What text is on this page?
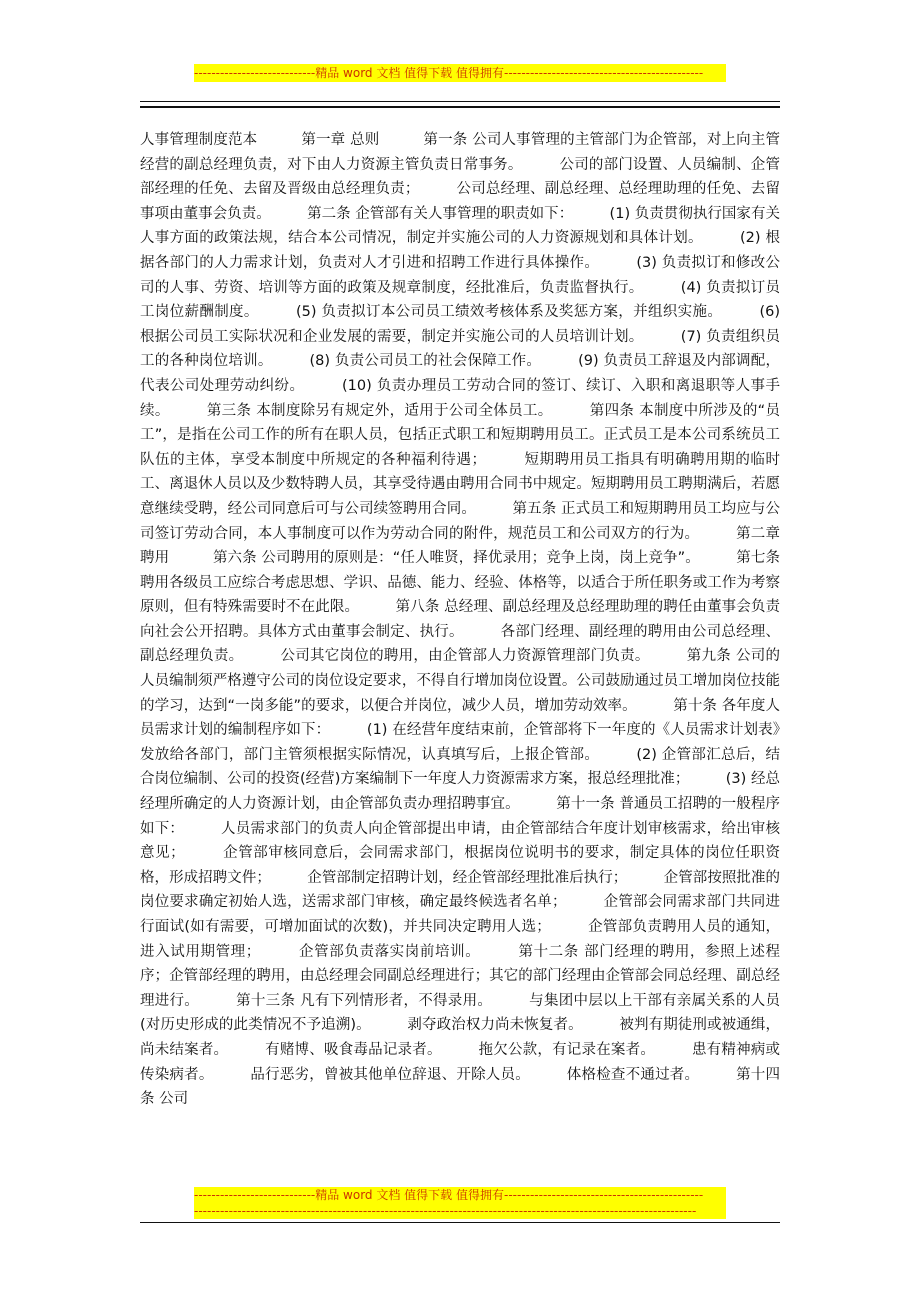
----------------------------精品 word 文档 值得下载 值得拥有----------------------------------------------

人事管理制度范本　　　第一章 总则　　　第一条 公司人事管理的主管部门为企管部，对上向主管经营的副总经理负责，对下由人力资源主管负责日常事务。　　　公司的部门设置、人员编制、企管部经理的任免、去留及晋级由总经理负责；　　　公司总经理、副总经理、总经理助理的任免、去留事项由董事会负责。　　　第二条 企管部有关人事管理的职责如下：　　　(1) 负责贯彻执行国家有关人事方面的政策法规，结合本公司情况，制定并实施公司的人力资源规划和具体计划。　　　(2) 根据各部门的人力需求计划，负责对人才引进和招聘工作进行具体操作。　　　(3) 负责拟订和修改公司的人事、劳资、培训等方面的政策及规章制度，经批准后，负责监督执行。　　　(4) 负责拟订员工岗位薪酬制度。　　　(5) 负责拟订本公司员工绩效考核体系及奖惩方案，并组织实施。　　　(6) 根据公司员工实际状况和企业发展的需要，制定并实施公司的人员培训计划。　　　(7) 负责组织员工的各种岗位培训。　　　(8) 负责公司员工的社会保障工作。　　　(9) 负责员工辞退及内部调配，代表公司处理劳动纠纷。　　　(10) 负责办理员工劳动合同的签订、续订、入职和离退职等人事手续。　　　第三条 本制度除另有规定外，适用于公司全体员工。　　　第四条 本制度中所涉及的“员工”，是指在公司工作的所有在职人员，包括正式职工和短期聘用员工。正式员工是本公司系统员工队伍的主体，享受本制度中所规定的各种福利待遇；　　　短期聘用员工指具有明确聘用期的临时工、离退休人员以及少数特聘人员，其享受待遇由聘用合同书中规定。短期聘用员工聘期满后，若愿意继续受聘，经公司同意后可与公司续签聘用合同。　　　第五条 正式员工和短期聘用员工均应与公司签订劳动合同，本人事制度可以作为劳动合同的附件，规范员工和公司双方的行为。　　　第二章 聘用　　　第六条 公司聘用的原则是：“任人唯贤，择优录用；竞争上岗，岗上竞争”。　　　第七条 聘用各级员工应综合考虑思想、学识、品德、能力、经验、体格等，以适合于所任职务或工作为考察原则，但有特殊需要时不在此限。　　　第八条 总经理、副总经理及总经理助理的聘任由董事会负责向社会公开招聘。具体方式由董事会制定、执行。　　　各部门经理、副经理的聘用由公司总经理、副总经理负责。　　　公司其它岗位的聘用，由企管部人力资源管理部门负责。　　　第九条 公司的人员编制须严格遵守公司的岗位设定要求，不得自行增加岗位设置。公司鼓励通过员工增加岗位技能的学习，达到“一岗多能”的要求，以便合并岗位，减少人员，增加劳动效率。　　　第十条 各年度人员需求计划的编制程序如下：　　　(1) 在经营年度结束前，企管部将下一年度的《人员需求计划表》发放给各部门，部门主管须根据实际情况，认真填写后，上报企管部。　　　(2) 企管部汇总后，结合岗位编制、公司的投资(经营)方案编制下一年度人力资源需求方案，报总经理批准；　　　(3) 经总经理所确定的人力资源计划，由企管部负责办理招聘事宜。　　　第十一条 普通员工招聘的一般程序如下：　　　人员需求部门的负责人向企管部提出申请，由企管部结合年度计划审核需求，给出审核意见；　　　企管部审核同意后，会同需求部门，根据岗位说明书的要求，制定具体的岗位任职资格，形成招聘文件；　　　企管部制定招聘计划，经企管部经理批准后执行；　　　企管部按照批准的岗位要求确定初始人选，送需求部门审核，确定最终候选者名单；　　　企管部会同需求部门共同进行面试(如有需要，可增加面试的次数)，并共同决定聘用人选；　　　企管部负责聘用人员的通知，进入试用期管理；　　　企管部负责落实岗前培训。　　　第十二条 部门经理的聘用，参照上述程序；企管部经理的聘用，由总经理会同副总经理进行；其它的部门经理由企管部会同总经理、副总经理进行。　　　第十三条 凡有下列情形者，不得录用。　　　与集团中层以上干部有亲属关系的人员(对历史形成的此类情况不予追溯)。　　　剥夺政治权力尚未恢复者。　　　被判有期徒刑或被通缉，尚未结案者。　　　有赌博、吸食毒品记录者。　　　拖欠公款，有记录在案者。　　　患有精神病或传染病者。　　　品行恶劣，曾被其他单位辞退、开除人员。　　　体格检查不通过者。　　　第十四条 公司

----------------------------精品 word 文档 值得下载 值得拥有----------------------------------------------
--------------------------------------------------------------------------------------------------------------------
